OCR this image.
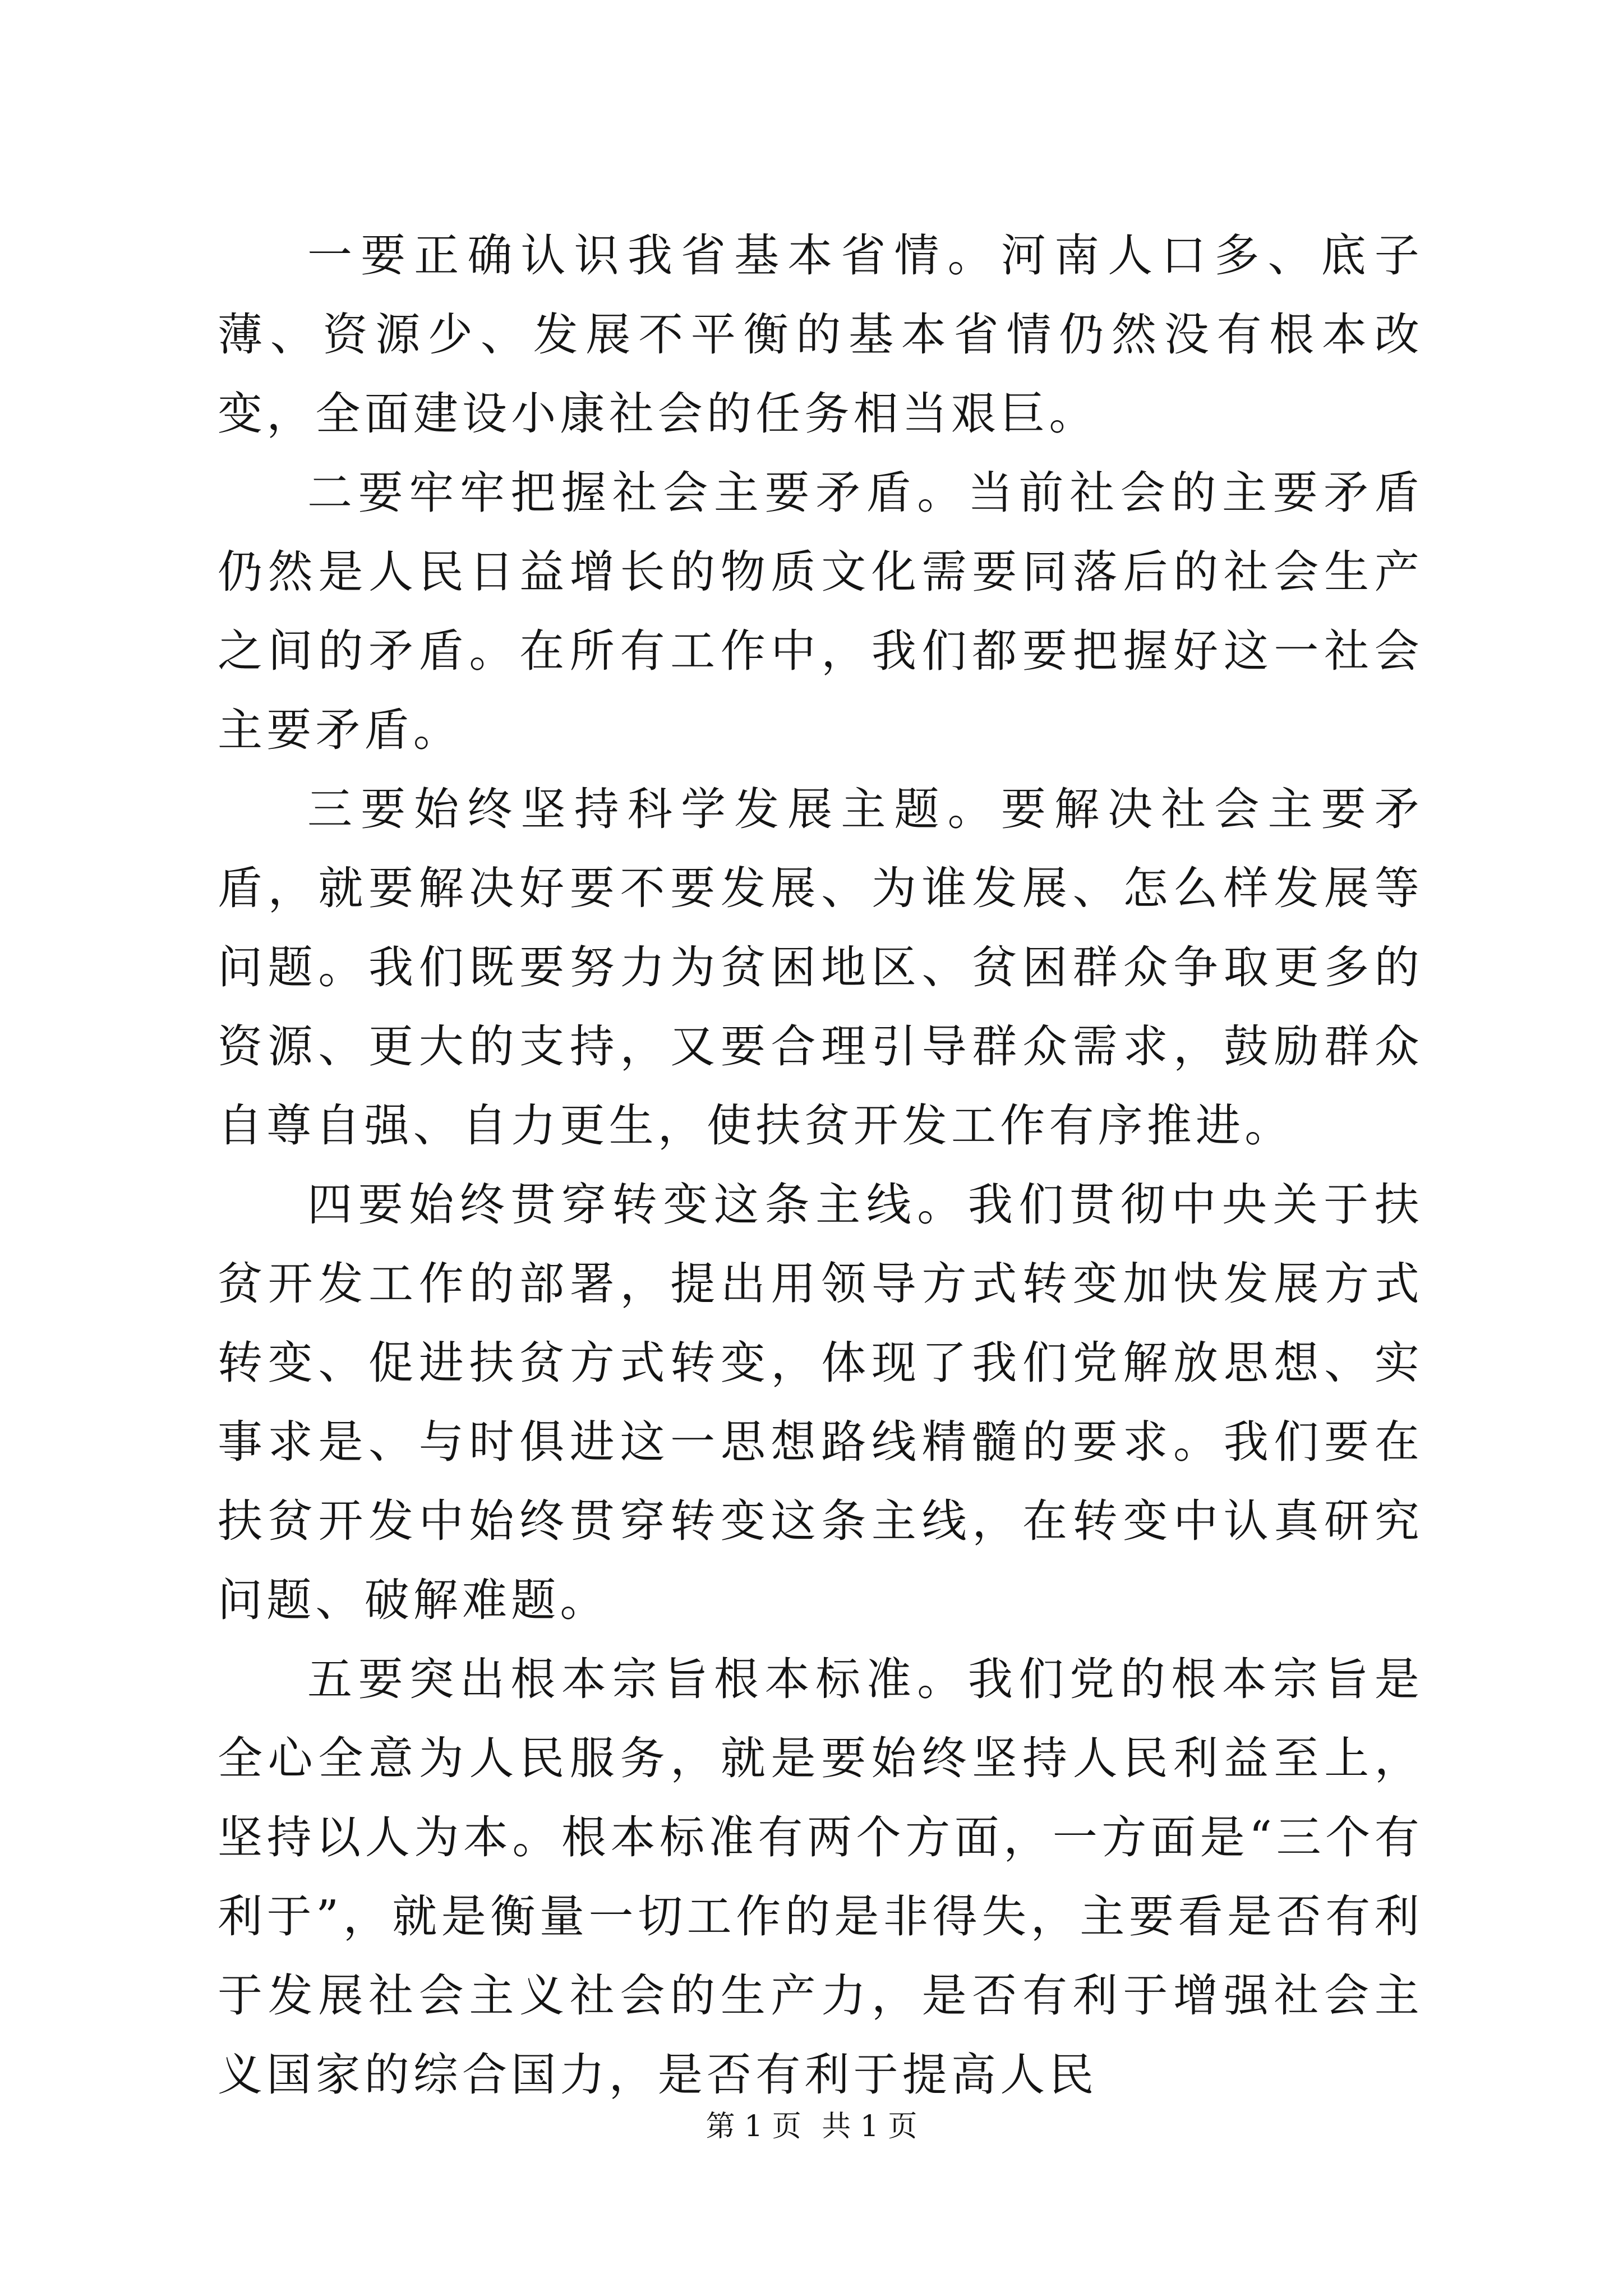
一要正确认识我省基本省情。河南人口多、底子薄、资源少、发展不平衡的基本省情仍然没有根本改变，全面建设小康社会的任务相当艰巨。

二要牢牢把握社会主要矛盾。当前社会的主要矛盾仍然是人民日益增长的物质文化需要同落后的社会生产之间的矛盾。在所有工作中，我们都要把握好这一社会主要矛盾。

三要始终坚持科学发展主题。要解决社会主要矛盾，就要解决好要不要发展、为谁发展、怎么样发展等问题。我们既要努力为贫困地区、贫困群众争取更多的资源、更大的支持，又要合理引导群众需求，鼓励群众自尊自强、自力更生，使扶贫开发工作有序推进。

四要始终贯穿转变这条主线。我们贯彻中央关于扶贫开发工作的部署，提出用领导方式转变加快发展方式转变、促进扶贫方式转变，体现了我们党解放思想、实事求是、与时俱进这一思想路线精髓的要求。我们要在扶贫开发中始终贯穿转变这条主线，在转变中认真研究问题、破解难题。

五要突出根本宗旨根本标准。我们党的根本宗旨是全心全意为人民服务，就是要始终坚持人民利益至上，坚持以人为本。根本标准有两个方面，一方面是“三个有利于”，就是衡量一切工作的是非得失，主要看是否有利于发展社会主义社会的生产力，是否有利于增强社会主义国家的综合国力，是否有利于提高人民

第 1 页 共 1 页
